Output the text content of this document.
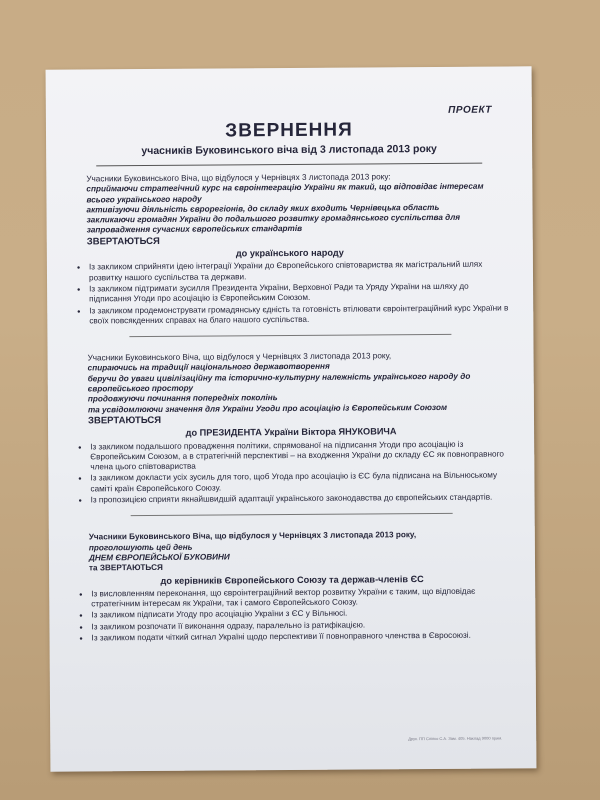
ПРОЕКТ
ЗВЕРНЕННЯ
учасників Буковинського віча від 3 листопада 2013 року

Учасники Буковинського Віча, що відбулося у Чернівцях 3 листопада 2013 року:

сприймаючи стратегічний курс на євроінтеграцію України як такий, що відповідає інтересам всього українського народу

активізуючи діяльність єврорегіонів, до складу яких входить Чернівецька область

закликаючи громадян України до подальшого розвитку громадянського суспільства для запровадження сучасних європейських стандартів

ЗВЕРТАЮТЬСЯ

до українського народу

• Із закликом сприйняти ідею інтеграції України до Європейського співтовариства як магістральний шлях розвитку нашого суспільства та держави.
• Із закликом підтримати зусилля Президента України, Верховної Ради та Уряду України на шляху до підписання Угоди про асоціацію із Європейським Союзом.
• Із закликом продемонструвати громадянську єдність та готовність втілювати євроінтеграційний курс України в своїх повсякденних справах на благо нашого суспільства.

Учасники Буковинського Віча, що відбулося у Чернівцях 3 листопада 2013 року,

спираючись на традиції національного державотворення

беручи до уваги цивілізаційну та історично-культурну належність українського народу до європейського простору

продовжуючи починання попередніх поколінь

та усвідомлюючи значення для України Угоди про асоціацію із Європейським Союзом

ЗВЕРТАЮТЬСЯ

до ПРЕЗИДЕНТА України Віктора ЯНУКОВИЧА

• Із закликом подальшого провадження політики, спрямованої на підписання Угоди про асоціацію із Європейським Союзом, а в стратегічній перспективі – на входження України до складу ЄС як повноправного члена цього співтовариства
• Із закликом докласти усіх зусиль для того, щоб Угода про асоціацію із ЄС була підписана на Вільнюському саміті країн Європейського Союзу.
• Із пропозицією сприяти якнайшвидшій адаптації українського законодавства до європейських стандартів.

Учасники Буковинського Віча, що відбулося у Чернівцях 3 листопада 2013 року,

проголошують цей день

ДНЕМ ЄВРОПЕЙСЬКОЇ БУКОВИНИ

та ЗВЕРТАЮТЬСЯ

до керівників Європейського Союзу та держав-членів ЄС

• Із висловленням переконання, що євроінтеграційний вектор розвитку України є таким, що відповідає стратегічним інтересам як України, так і самого Європейського Союзу.
• Із закликом підписати Угоду про асоціацію України з ЄС у Вільнюсі.
• Із закликом розпочати її виконання одразу, паралельно із ратифікацією.
• Із закликом подати чіткий сигнал Україні щодо перспективи її повноправного членства в Євросоюзі.
Друк. ПП Сліпко С.А. Зам. 405. Наклад 9000 прим.
